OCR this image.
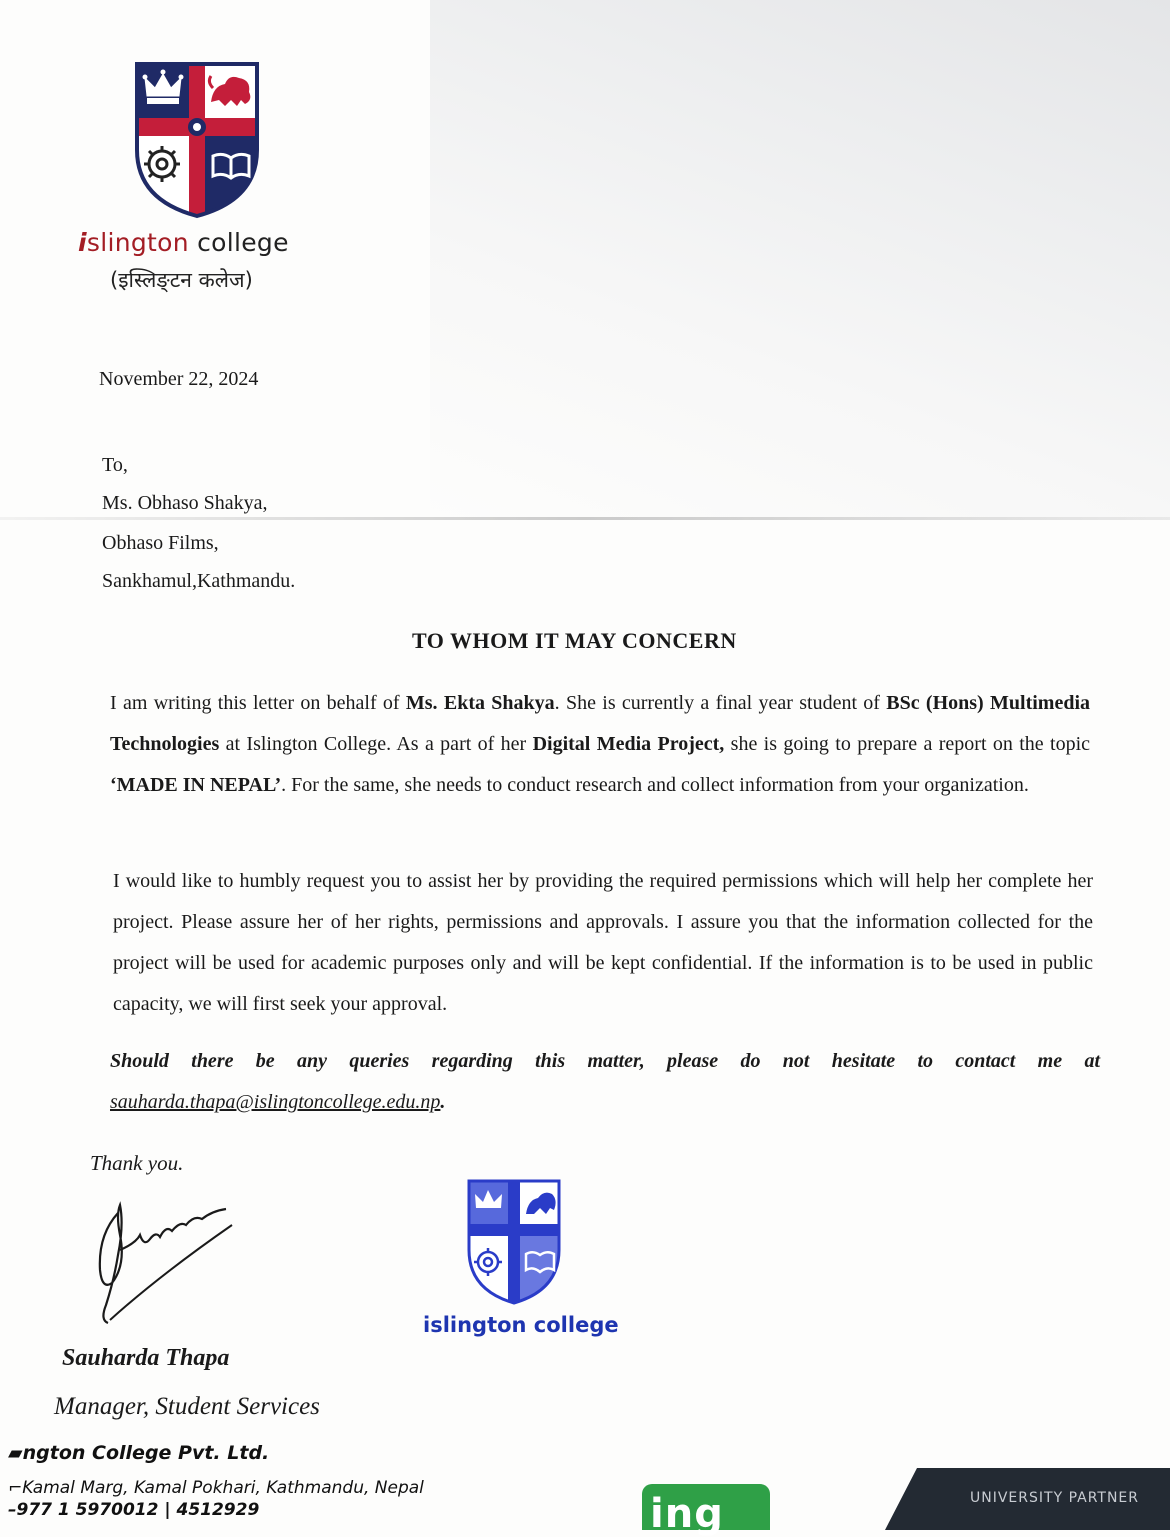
islington college
(इस्लिङ्टन कलेज)
November 22, 2024
To,
Ms. Obhaso Shakya,
Obhaso Films,
Sankhamul,Kathmandu.
TO WHOM IT MAY CONCERN
I am writing this letter on behalf of Ms. Ekta Shakya. She is currently a final year student of BSc (Hons) Multimedia Technologies at Islington College. As a part of her Digital Media Project, she is going to prepare a report on the topic ‘MADE IN NEPAL’. For the same, she needs to conduct research and collect information from your organization.
I would like to humbly request you to assist her by providing the required permissions which will help her complete her project. Please assure her of her rights, permissions and approvals. I assure you that the information collected for the project will be used for academic purposes only and will be kept confidential. If the information is to be used in public capacity, we will first seek your approval.
Should there be any queries regarding this matter, please do not hesitate to contact me at sauharda.thapa@islingtoncollege.edu.np.
Thank you.
Sauharda Thapa
Manager, Student Services
islington college
▰ngton College Pvt. Ltd.
⌐Kamal Marg, Kamal Pokhari, Kathmandu, Nepal
–977 1 5970012 | 4512929	ing	UNIVERSITY PARTNER
